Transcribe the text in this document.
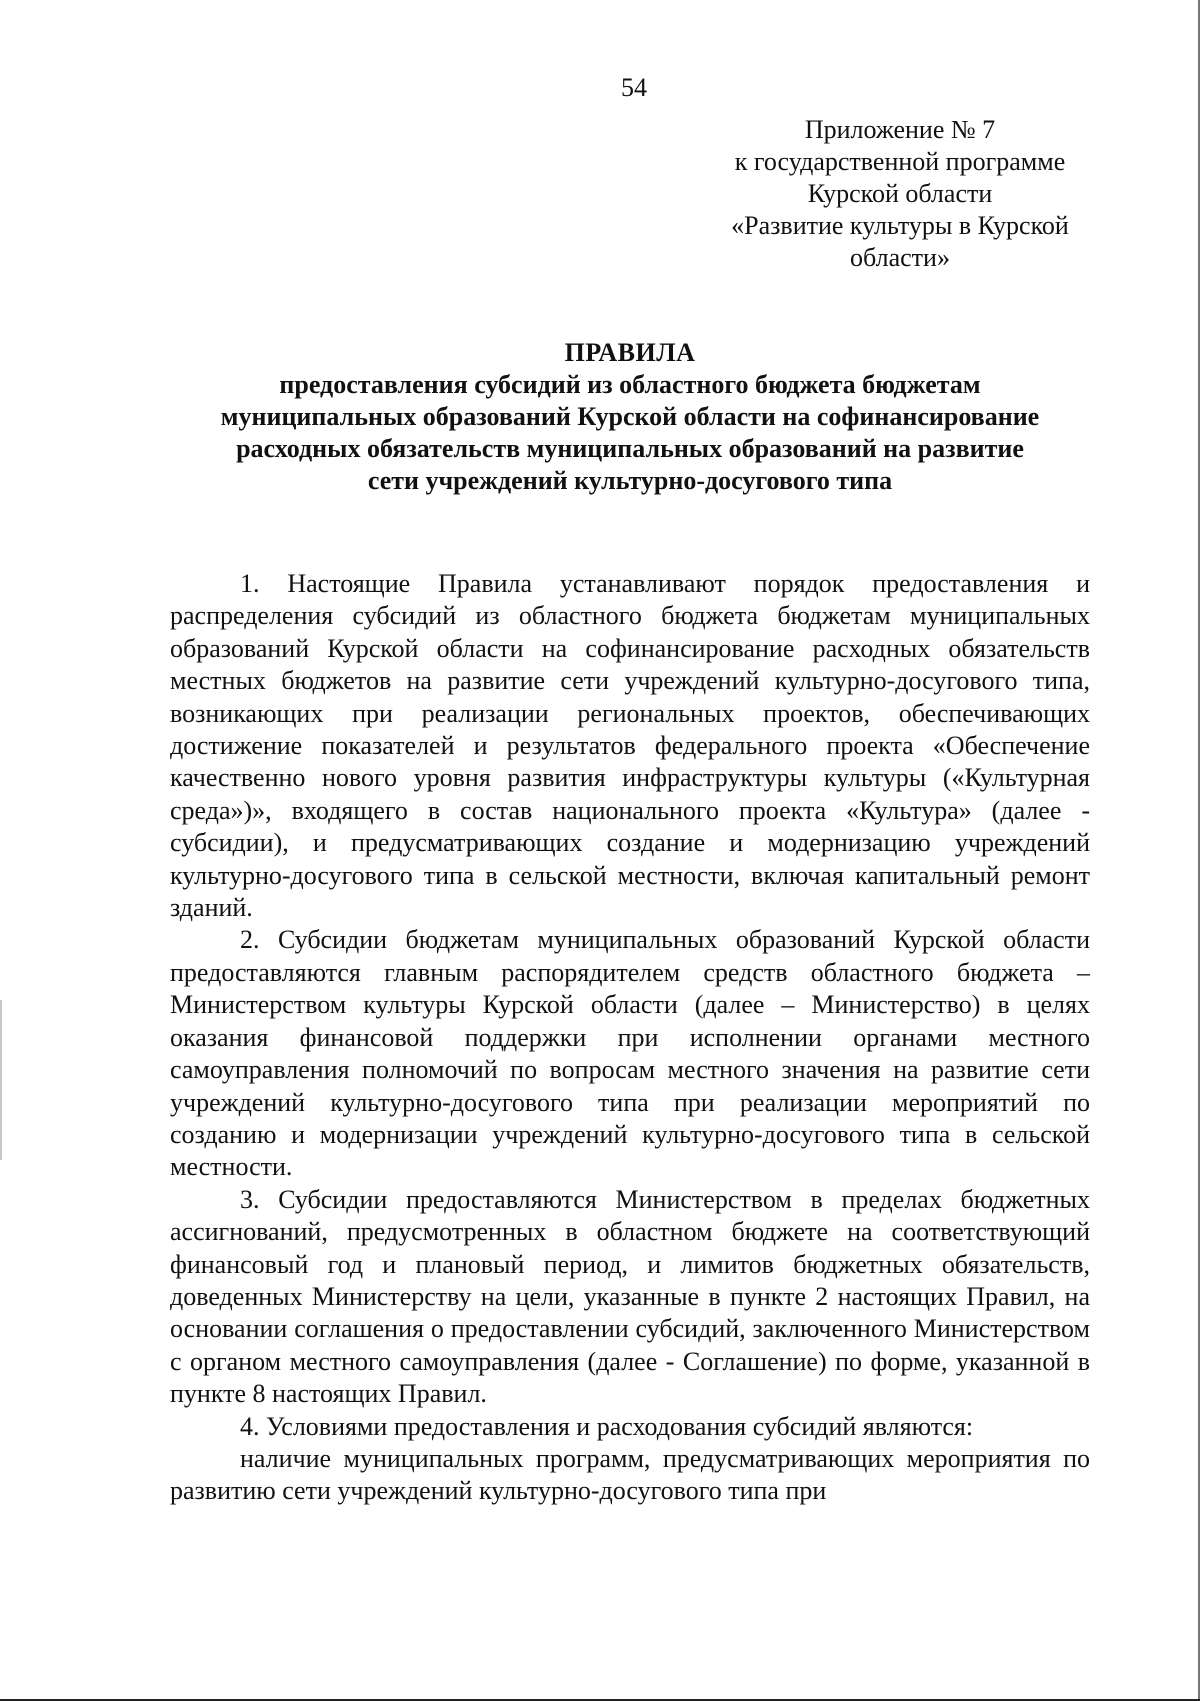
54
Приложение № 7
к государственной программе
Курской области
«Развитие культуры в Курской
области»
ПРАВИЛА
предоставления субсидий из областного бюджета бюджетам
муниципальных образований Курской области на софинансирование
расходных обязательств муниципальных образований на развитие
сети учреждений культурно-досугового типа

1. Настоящие Правила устанавливают порядок предоставления и распределения субсидий из областного бюджета бюджетам муниципальных образований Курской области на софинансирование расходных обязательств местных бюджетов на развитие сети учреждений культурно-досугового типа, возникающих при реализации региональных проектов, обеспечивающих достижение показателей и результатов федерального проекта «Обеспечение качественно нового уровня развития инфраструктуры культуры («Культурная среда»)», входящего в состав национального проекта «Культура» (далее - субсидии), и предусматривающих создание и модернизацию учреждений культурно-досугового типа в сельской местности, включая капитальный ремонт зданий.

2. Субсидии бюджетам муниципальных образований Курской области предоставляются главным распорядителем средств областного бюджета – Министерством культуры Курской области (далее – Министерство) в целях оказания финансовой поддержки при исполнении органами местного самоуправления полномочий по вопросам местного значения на развитие сети учреждений культурно-досугового типа при реализации мероприятий по созданию и модернизации учреждений культурно-досугового типа в сельской местности.

3. Субсидии предоставляются Министерством в пределах бюджетных ассигнований, предусмотренных в областном бюджете на соответствующий финансовый год и плановый период, и лимитов бюджетных обязательств, доведенных Министерству на цели, указанные в пункте 2 настоящих Правил, на основании соглашения о предоставлении субсидий, заключенного Министерством с органом местного самоуправления (далее - Соглашение) по форме, указанной в пункте 8 настоящих Правил.

4. Условиями предоставления и расходования субсидий являются:

наличие муниципальных программ, предусматривающих мероприятия по развитию сети учреждений культурно-досугового типа при
